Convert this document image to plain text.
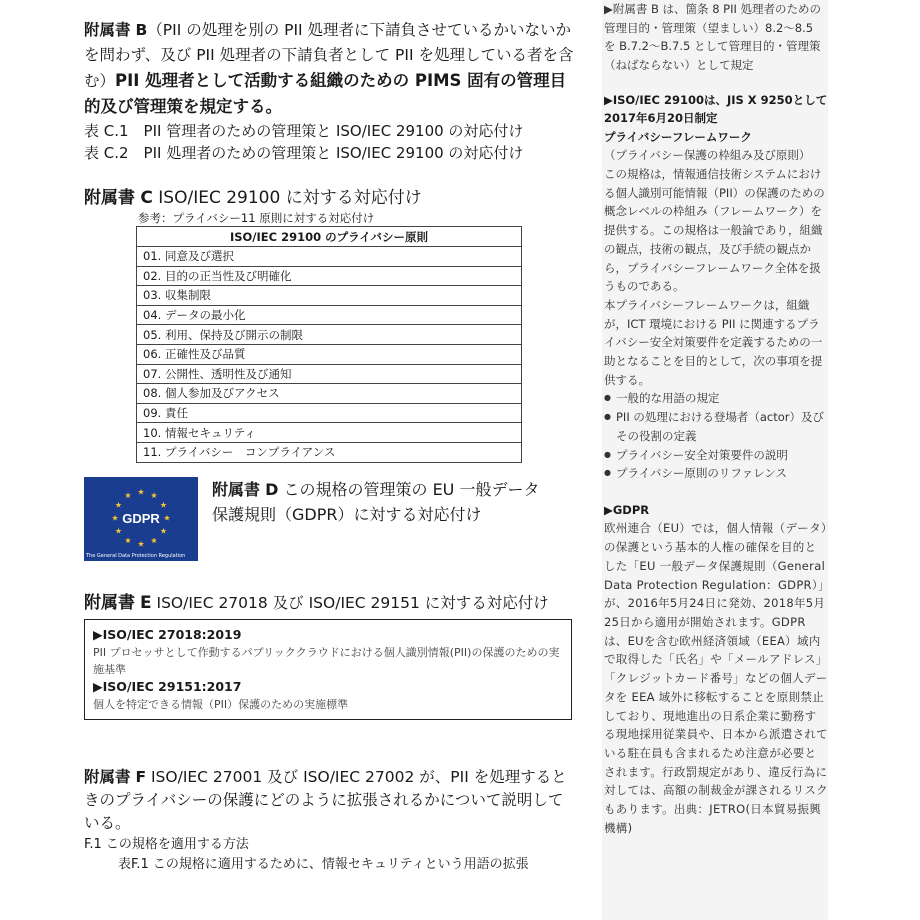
附属書 B（PII の処理を別の PII 処理者に下請負させているかいないかを問わず、及び PII 処理者の下請負者として PII を処理している者を含む）PII 処理者として活動する組織のための PIMS 固有の管理目的及び管理策を規定する。

表 C.1　PII 管理者のための管理策と ISO/IEC 29100 の対応付け

表 C.2　PII 処理者のための管理策と ISO/IEC 29100 の対応付け

附属書 C ISO/IEC 29100 に対する対応付け
参考：プライバシー11 原則に対する対応付け
ISO/IEC 29100 のプライバシー原則
01. 同意及び選択
02. 目的の正当性及び明確化
03. 収集制限
04. データの最小化
05. 利用、保持及び開示の制限
06. 正確性及び品質
07. 公開性、透明性及び通知
08. 個人参加及びアクセス
09. 責任
10. 情報セキュリティ
11. プライバシー　コンプライアンス
GDPR
The General Data Protection Regulation
附属書 D この規格の管理策の EU 一般データ
保護規則（GDPR）に対する対応付け
附属書 E ISO/IEC 27018 及び ISO/IEC 29151 に対する対応付け
▶ISO/IEC 27018:2019
PII プロセッサとして作動するパブリッククラウドにおける個人識別情報(PII)の保護のための実施基準
▶ISO/IEC 29151:2017
個人を特定できる情報（PII）保護のための実施標準

附属書 F ISO/IEC 27001 及び ISO/IEC 27002 が、PII を処理するときのプライバシーの保護にどのように拡張されるかについて説明している。

F.1 この規格を適用する方法

表F.1 この規格に適用するために、情報セキュリティという用語の拡張

▶附属書 B は、箇条 8 PII 処理者のための管理目的・管理策（望ましい）8.2～8.5 を B.7.2～B.7.5 として管理目的・管理策（ねばならない）として規定

▶ISO/IEC 29100は、JIS X 9250として2017年6月20日制定

プライバシーフレームワーク

（プライバシー保護の枠組み及び原則）

この規格は，情報通信技術システムにおける個人識別可能情報（PII）の保護のための概念レベルの枠組み（フレームワーク）を提供する。この規格は一般論であり，組織の観点，技術の観点，及び手続の観点から，プライバシーフレームワーク全体を扱うものである。

本プライバシーフレームワークは，組織が，ICT 環境における PII に関連するプライバシー安全対策要件を定義するための一助となることを目的として，次の事項を提供する。

● 一般的な用語の規定
● PII の処理における登場者（actor）及びその役割の定義
● プライバシー安全対策要件の説明
● プライバシー原則のリファレンス

▶GDPR

欧州連合（EU）では，個人情報（データ）の保護という基本的人権の確保を目的とした「EU 一般データ保護規則（General Data Protection Regulation：GDPR）」が、2016年5月24日に発効、2018年5月25日から適用が開始されます。GDPRは、EUを含む欧州経済領域（EEA）域内で取得した「氏名」や「メールアドレス」「クレジットカード番号」などの個人データを EEA 域外に移転することを原則禁止しており、現地進出の日系企業に勤務する現地採用従業員や、日本から派遣されている駐在員も含まれるため注意が必要とされます。行政罰規定があり、違反行為に対しては、高額の制裁金が課されるリスクもあります。出典：JETRO(日本貿易振興機構)
